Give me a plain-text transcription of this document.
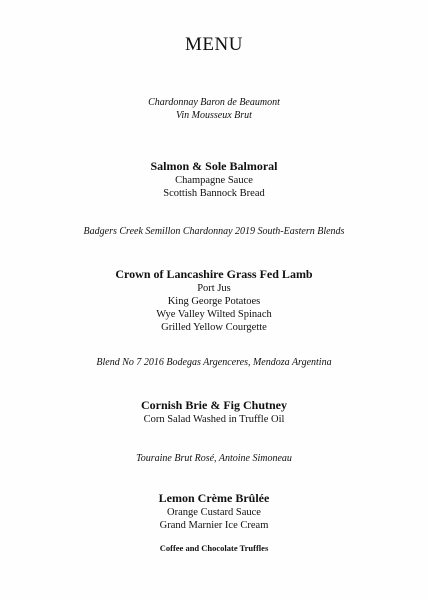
MENU
Chardonnay Baron de Beaumont
Vin Mousseux Brut
Salmon & Sole Balmoral
Champagne Sauce
Scottish Bannock Bread
Badgers Creek Semillon Chardonnay 2019 South-Eastern Blends
Crown of Lancashire Grass Fed Lamb
Port Jus
King George Potatoes
Wye Valley Wilted Spinach
Grilled Yellow Courgette
Blend No 7 2016 Bodegas Argenceres, Mendoza Argentina
Cornish Brie & Fig Chutney
Corn Salad Washed in Truffle Oil
Touraine Brut Rosé, Antoine Simoneau
Lemon Crème Brûlée
Orange Custard Sauce
Grand Marnier Ice Cream
Coffee and Chocolate Truffles
